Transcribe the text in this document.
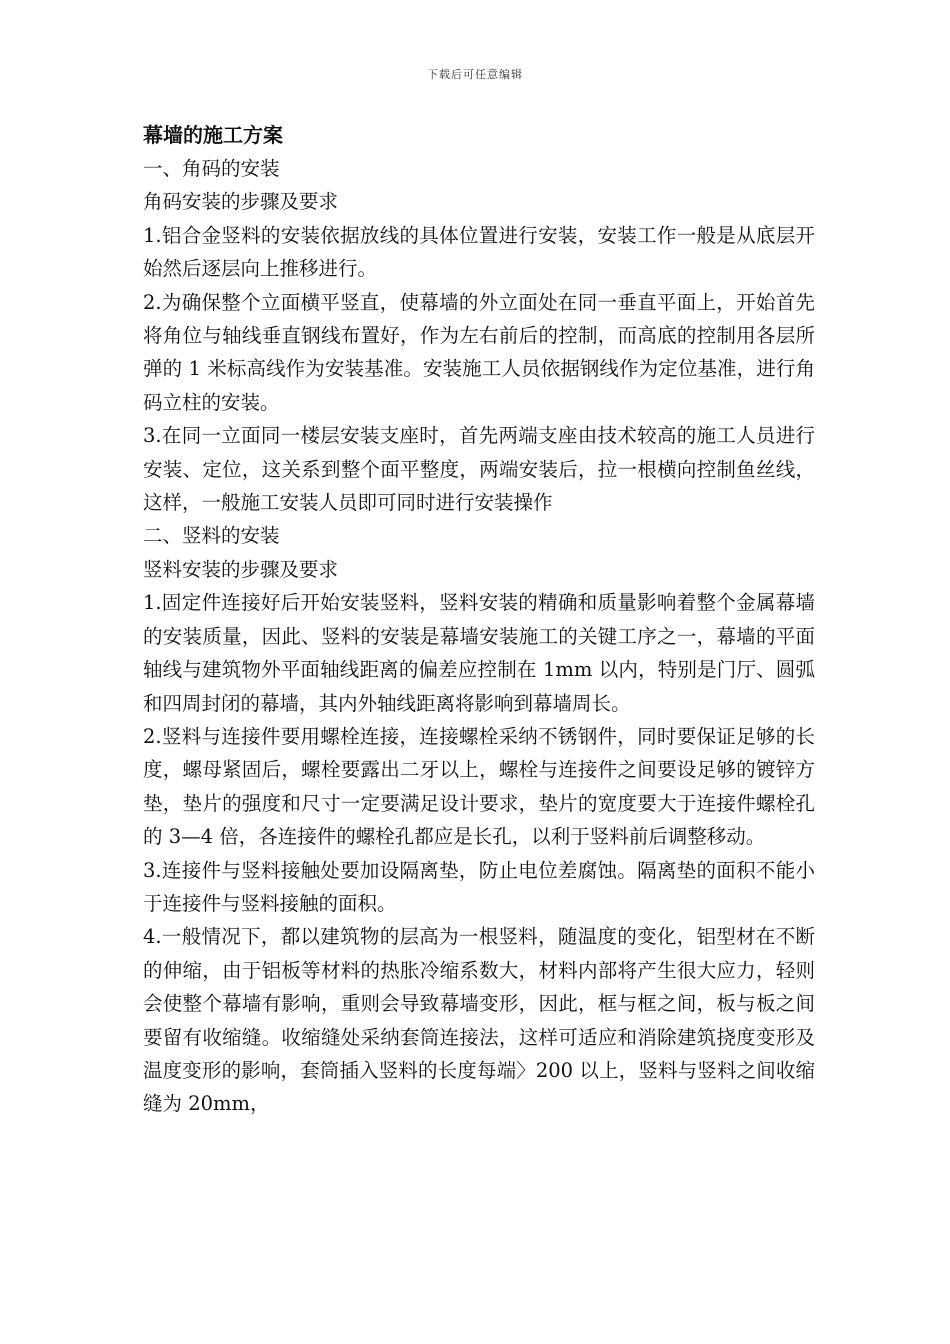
下载后可任意编辑
幕墙的施工方案

一、角码的安装

角码安装的步骤及要求

1.铝合金竖料的安装依据放线的具体位置进行安装，安装工作一般是从底层开始然后逐层向上推移进行。

2.为确保整个立面横平竖直，使幕墙的外立面处在同一垂直平面上，开始首先将角位与轴线垂直钢线布置好，作为左右前后的控制，而高底的控制用各层所弹的 1 米标高线作为安装基准。安装施工人员依据钢线作为定位基准，进行角码立柱的安装。

3.在同一立面同一楼层安装支座时，首先两端支座由技术较高的施工人员进行安装、定位，这关系到整个面平整度，两端安装后，拉一根横向控制鱼丝线，这样，一般施工安装人员即可同时进行安装操作

二、竖料的安装

竖料安装的步骤及要求

1.固定件连接好后开始安装竖料，竖料安装的精确和质量影响着整个金属幕墙的安装质量，因此、竖料的安装是幕墙安装施工的关键工序之一，幕墙的平面轴线与建筑物外平面轴线距离的偏差应控制在 1mm 以内，特别是门厅、圆弧和四周封闭的幕墙，其内外轴线距离将影响到幕墙周长。

2.竖料与连接件要用螺栓连接，连接螺栓采纳不锈钢件，同时要保证足够的长度，螺母紧固后，螺栓要露出二牙以上，螺栓与连接件之间要设足够的镀锌方垫，垫片的强度和尺寸一定要满足设计要求，垫片的宽度要大于连接件螺栓孔的 3—4 倍，各连接件的螺栓孔都应是长孔，以利于竖料前后调整移动。

3.连接件与竖料接触处要加设隔离垫，防止电位差腐蚀。隔离垫的面积不能小于连接件与竖料接触的面积。

4.一般情况下，都以建筑物的层高为一根竖料，随温度的变化，铝型材在不断的伸缩，由于铝板等材料的热胀冷缩系数大，材料内部将产生很大应力，轻则会使整个幕墙有影响，重则会导致幕墙变形，因此，框与框之间，板与板之间要留有收缩缝。收缩缝处采纳套筒连接法，这样可适应和消除建筑挠度变形及温度变形的影响，套筒插入竖料的长度每端〉200 以上，竖料与竖料之间收缩缝为 20mm，
